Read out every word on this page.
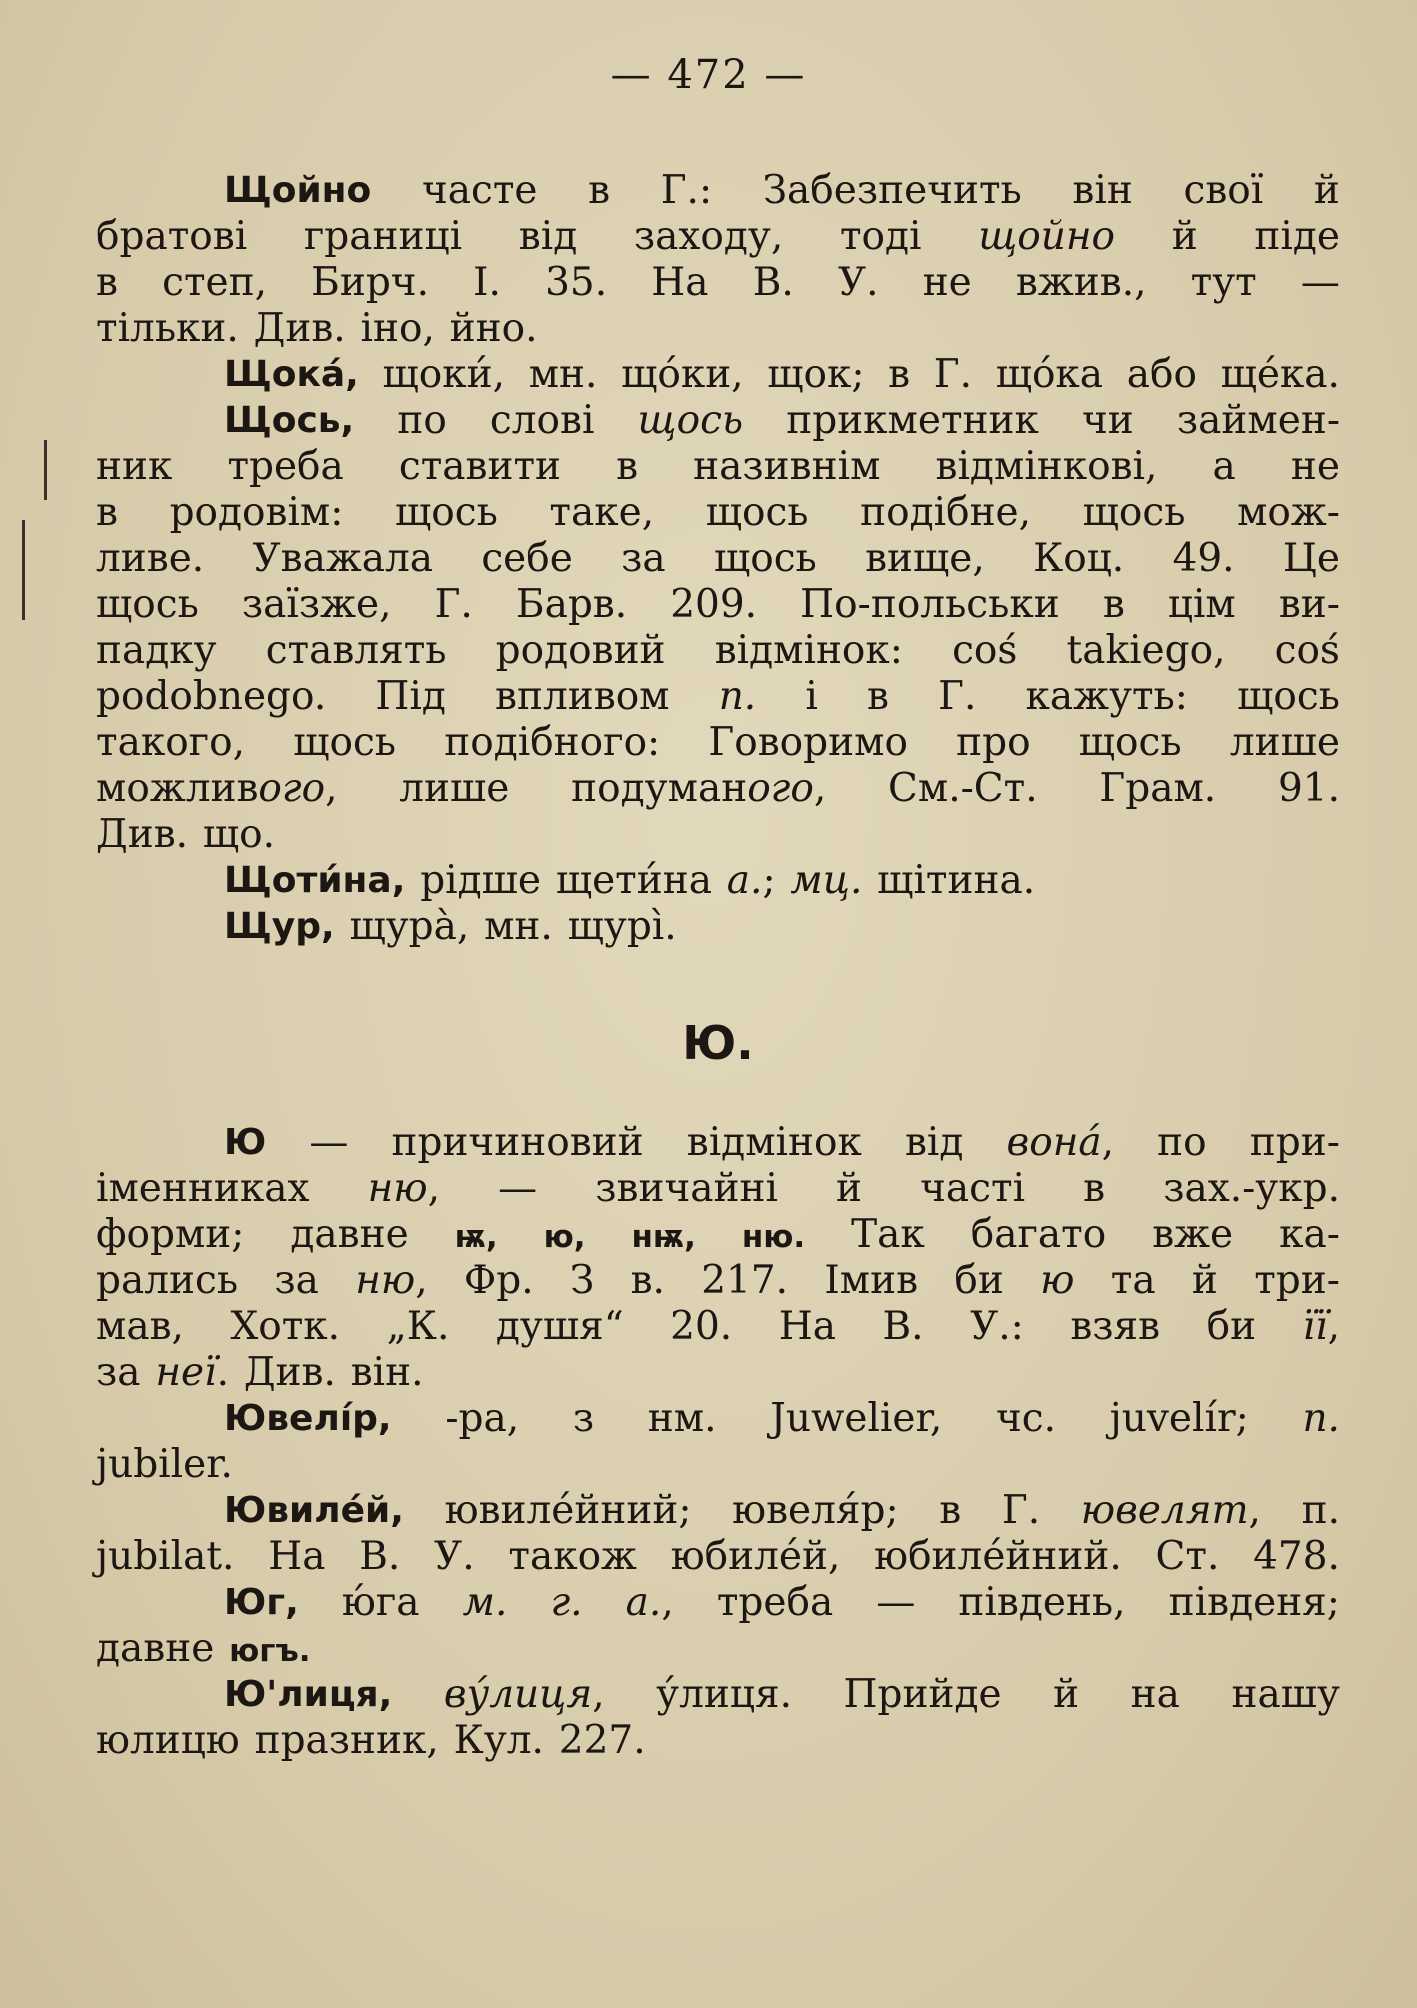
— 472 —
Щойно часте в Г.: Забезпечить він свої й
братові границі від заходу, тоді щойно й піде
в степ, Бирч. І. 35. На В. У. не вжив., тут —
тільки. Див. іно, йно.
Щока́, щоки́, мн. що́ки, щок; в Г. що́ка або ще́ка.
Щось, по слові щось прикметник чи займен-
ник треба ставити в називнім відмінкові, а не
в родовім: щось таке, щось подібне, щось мож-
ливе. Уважала себе за щось вище, Коц. 49. Це
щось заїзже, Г. Барв. 209. По-польськи в цім ви-
падку ставлять родовий відмінок: coś takiego, coś
podobnego. Під впливом п. і в Г. кажуть: щось
такого, щось подібного: Говоримо про щось лише
можливого, лише подуманого, См.-Ст. Грам. 91.
Див. що.
Щоти́на, рідше щети́на а.; мц. щітина.
Щур, щура̀, мн. щурі̀.
Ю.
Ю — причиновий відмінок від вона́, по при-
іменниках ню, — звичайні й часті в зах.-укр.
форми; давне ѭ, ю, нѭ, ню. Так багато вже ка-
рались за ню, Фр. З в. 217. Імив би ю та й три-
мав, Хотк. „К. душя“ 20. На В. У.: взяв би її,
за неї. Див. він.
Ювелі́р, -ра, з нм. Juwelier, чс. juvelír; п.
jubiler.
Ювиле́й, ювиле́йний; ювеля́р; в Г. ювелят, п.
jubilat. На В. У. також юбиле́й, юбиле́йний. Ст. 478.
Юг, ю́га м. г. а., треба — південь, південя;
давне югъ.
Ю'лиця, ву́лиця, у́лиця. Прийде й на нашу
юлицю празник, Кул. 227.
